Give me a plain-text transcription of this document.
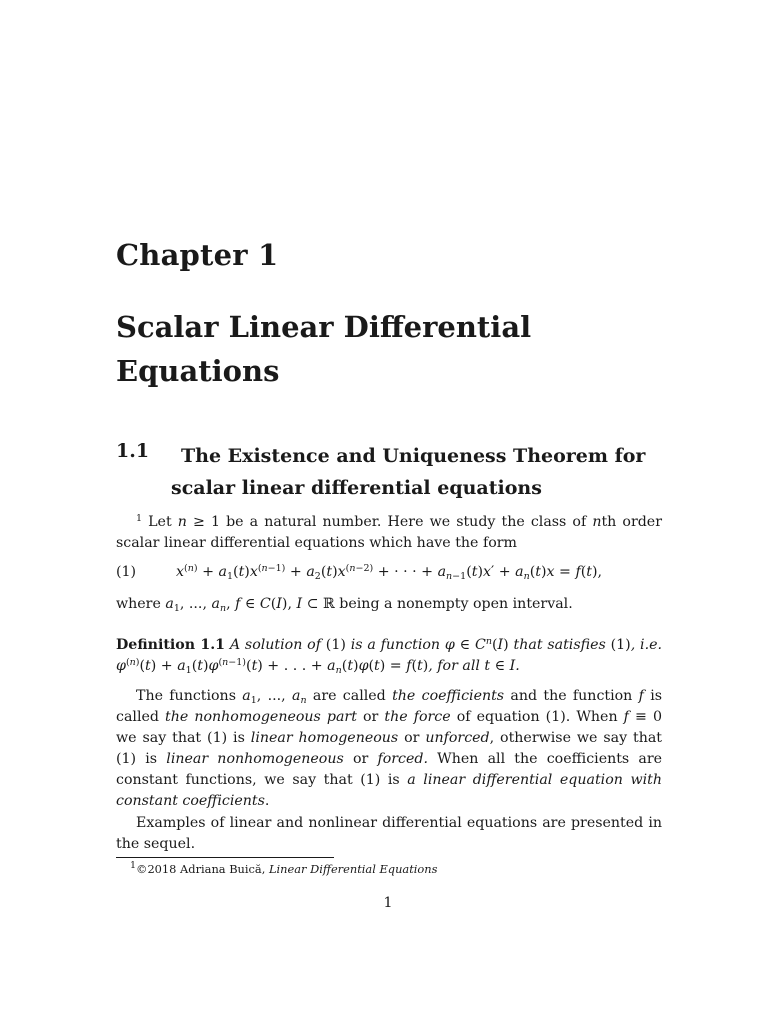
Chapter 1
Scalar Linear Differential
Equations
1.1 The Existence and Uniqueness Theorem for
scalar linear differential equations

$^1$ Let n ≥ 1 be a natural number. Here we study the class of nth order scalar linear differential equations which have the form

(1)	$x^{(n)} + a_1(t)x^{(n-1)} + a_2(t)x^{(n-2)}$ + · · · + $a_{n-1}(t)x' + a_n(t)x = f(t)$,

where $a_1$, ..., $a_n$, f ∈ C(I), I ⊂ ℝ being a nonempty open interval.

Definition 1.1 A solution of (1) is a function φ ∈ $C^n(I)$ that satisfies (1), i.e. $\varphi^{(n)}(t) + a_1(t)\varphi^{(n-1)}(t)$ + . . . + $a_n(t)\varphi(t) = f(t)$, for all t ∈ I.

The functions $a_1$, ..., $a_n$ are called the coefficients and the function f is called the nonhomogeneous part or the force of equation (1). When f ≡ 0 we say that (1) is linear homogeneous or unforced, otherwise we say that (1) is linear nonhomogeneous or forced. When all the coefficients are constant functions, we say that (1) is a linear differential equation with constant coefficients.

Examples of linear and nonlinear differential equations are presented in the sequel.

$^1$©2018 Adriana Buică, Linear Differential Equations
1
